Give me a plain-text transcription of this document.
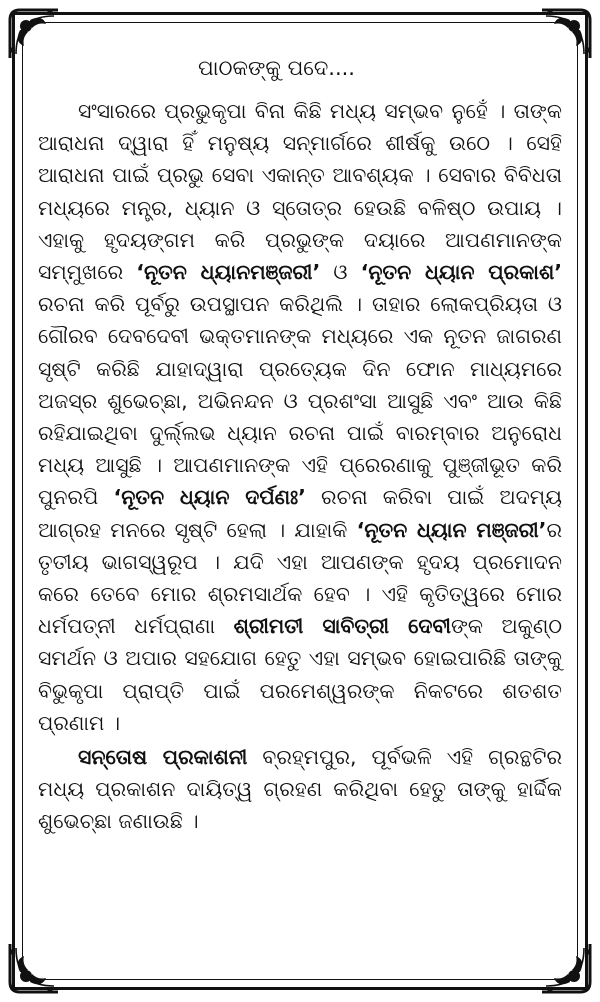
ପାଠକଙ୍କୁ ପଦେ....

ସଂସାରରେ ପ୍ରଭୁକୃପା ବିନା କିଛି ମଧ୍ୟ ସମ୍ଭବ ନୁହେଁ । ତାଙ୍କ ଆରାଧନା ଦ୍ୱାରା ହିଁ ମନୁଷ୍ୟ ସନ୍ମାର୍ଗରେ ଶୀର୍ଷକୁ ଉଠେ । ସେହି ଆରାଧନା ପାଇଁ ପ୍ରଭୁ ସେବା ଏକାନ୍ତ ଆବଶ୍ୟକ । ସେବାର ବିବିଧତା ମଧ୍ୟରେ ମନ୍ତ୍ର, ଧ୍ୟାନ ଓ ସ୍ତୋତ୍ର ହେଉଛି ବଳିଷ୍ଠ ଉପାୟ । ଏହାକୁ ହୃଦୟଙ୍ଗମ କରି ପ୍ରଭୁଙ୍କ ଦୟାରେ ଆପଣମାନଙ୍କ ସମ୍ମୁଖରେ ‘ନୂତନ ଧ୍ୟାନମଞ୍ଜରୀ’ ଓ ‘ନୂତନ ଧ୍ୟାନ ପ୍ରକାଶ’ ରଚନା କରି ପୂର୍ବରୁ ଉପସ୍ଥାପନ କରିଥିଲି । ତାହାର ଲୋକପ୍ରିୟତା ଓ ଗୌରବ ଦେବଦେବୀ ଭକ୍ତମାନଙ୍କ ମଧ୍ୟରେ ଏକ ନୂତନ ଜାଗରଣ ସୃଷ୍ଟି କରିଛି ଯାହାଦ୍ୱାରା ପ୍ରତ୍ୟେକ ଦିନ ଫୋନ ମାଧ୍ୟମରେ ଅଜସ୍ର ଶୁଭେଚ୍ଛା, ଅଭିନନ୍ଦନ ଓ ପ୍ରଶଂସା ଆସୁଛି ଏବଂ ଆଉ କିଛି ରହିଯାଇଥିବା ଦୁର୍ଲ୍ଲଭ ଧ୍ୟାନ ରଚନା ପାଇଁ ବାରମ୍ବାର ଅନୁରୋଧ ମଧ୍ୟ ଆସୁଛି । ଆପଣମାନଙ୍କ ଏହି ପ୍ରେରଣାକୁ ପୁଞ୍ଜୀଭୂତ କରି ପୁନରପି ‘ନୂତନ ଧ୍ୟାନ ଦର୍ପଣଃ’ ରଚନା କରିବା ପାଇଁ ଅଦମ୍ୟ ଆଗ୍ରହ ମନରେ ସୃଷ୍ଟି ହେଲା । ଯାହାକି ‘ନୂତନ ଧ୍ୟାନ ମଞ୍ଜରୀ’ର ତୃତୀୟ ଭାଗସ୍ୱରୂପ । ଯଦି ଏହା ଆପଣଙ୍କ ହୃଦୟ ପ୍ରମୋଦନ କରେ ତେବେ ମୋର ଶ୍ରମସାର୍ଥକ ହେବ । ଏହି କୃତିତ୍ୱରେ ମୋର ଧର୍ମପତ୍ନୀ ଧର୍ମପ୍ରାଣା ଶ୍ରୀମତୀ ସାବିତ୍ରୀ ଦେବୀଙ୍କ ଅକୁଣ୍ଠ ସମର୍ଥନ ଓ ଅପାର ସହଯୋଗ ହେତୁ ଏହା ସମ୍ଭବ ହୋଇପାରିଛି ତାଙ୍କୁ ବିଭୁକୃପା ପ୍ରାପ୍ତି ପାଇଁ ପରମେଶ୍ୱରଙ୍କ ନିକଟରେ ଶତଶତ ପ୍ରଣାମ ।

ସନ୍ତୋଷ ପ୍ରକାଶନୀ ବ୍ରହ୍ମପୁର, ପୂର୍ବଭଳି ଏହି ଗ୍ରନ୍ଥଟିର ମଧ୍ୟ ପ୍ରକାଶନ ଦାୟିତ୍ୱ ଗ୍ରହଣ କରିଥିବା ହେତୁ ତାଙ୍କୁ ହାର୍ଦ୍ଦିକ ଶୁଭେଚ୍ଛା ଜଣାଉଛି ।
